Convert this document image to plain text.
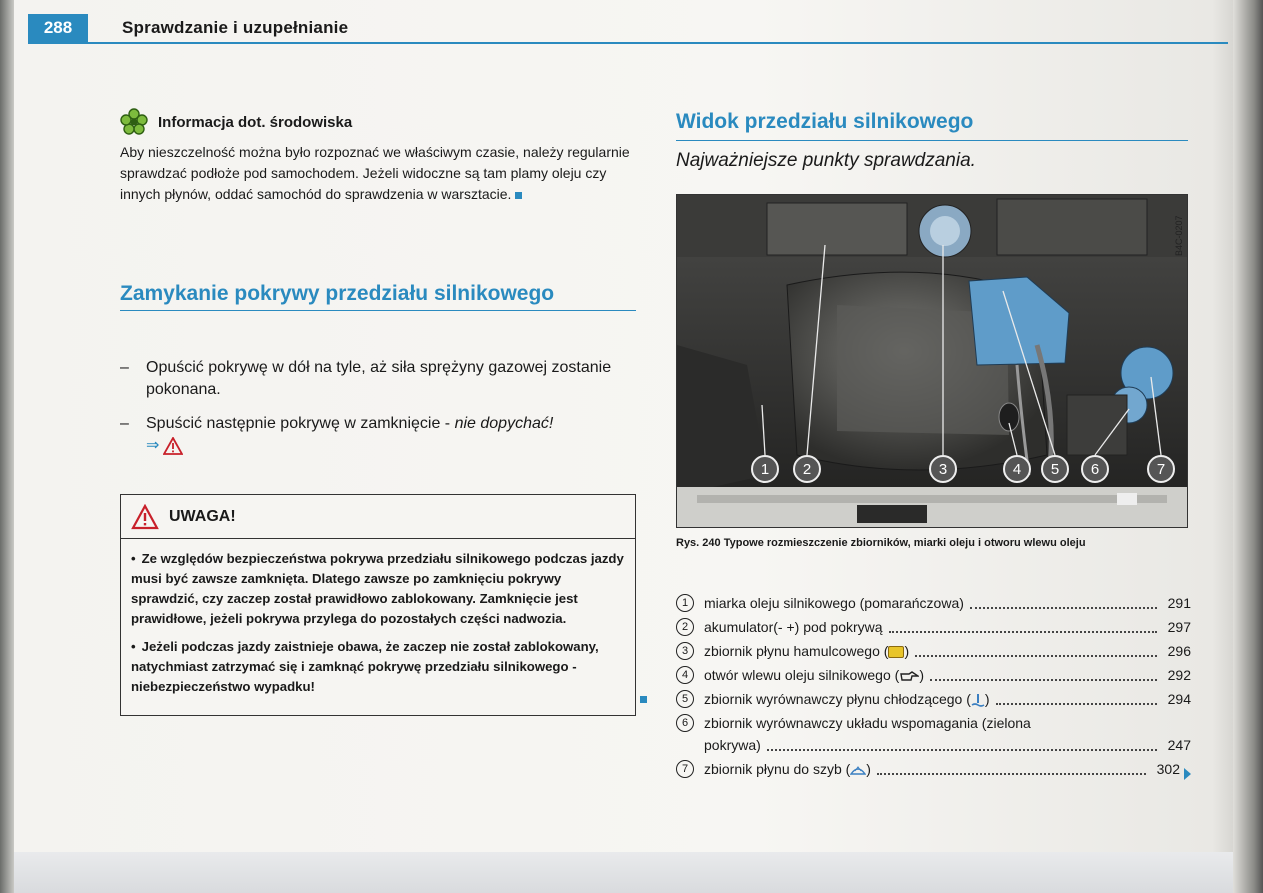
288	Sprawdzanie i uzupełnianie
Informacja dot. środowiska
Aby nieszczelność można było rozpoznać we właściwym czasie, należy regularnie sprawdzać podłoże pod samochodem. Jeżeli widoczne są tam plamy oleju czy innych płynów, oddać samochód do sprawdzenia w warsztacie.
Zamykanie pokrywy przedziału silnikowego
–	Opuścić pokrywę w dół na tyle, aż siła sprężyny gazowej zostanie pokonana.
–	Spuścić następnie pokrywę w zamknięcie - nie dopychać!

⇒
UWAGA!

• Ze względów bezpieczeństwa pokrywa przedziału silnikowego podczas jazdy musi być zawsze zamknięta. Dlatego zawsze po zamknięciu pokrywy sprawdzić, czy zaczep został prawidłowo zablokowany. Zamknięcie jest prawidłowe, jeżeli pokrywa przylega do pozostałych części nadwozia.

• Jeżeli podczas jazdy zaistnieje obawa, że zaczep nie został zablokowany, natychmiast zatrzymać się i zamknąć pokrywę przedziału silnikowego - niebezpieczeństwo wypadku!

Widok przedziału silnikowego
Najważniejsze punkty sprawdzania.
1 2	3	4 5 6	7
B4C-0207
Rys. 240 Typowe rozmieszczenie zbiorników, miarki oleju i otworu wlewu oleju
1	miarka oleju silnikowego (pomarańczowa)	291
2	akumulator(- +) pod pokrywą	297
3	zbiornik płynu hamulcowego ( )	296
4	otwór wlewu oleju silnikowego ( )	292
5	zbiornik wyrównawczy płynu chłodzącego ( )	294
6	zbiornik wyrównawczy układu wspomagania (zielona
pokrywa)	247
7	zbiornik płynu do szyb ( )	302
